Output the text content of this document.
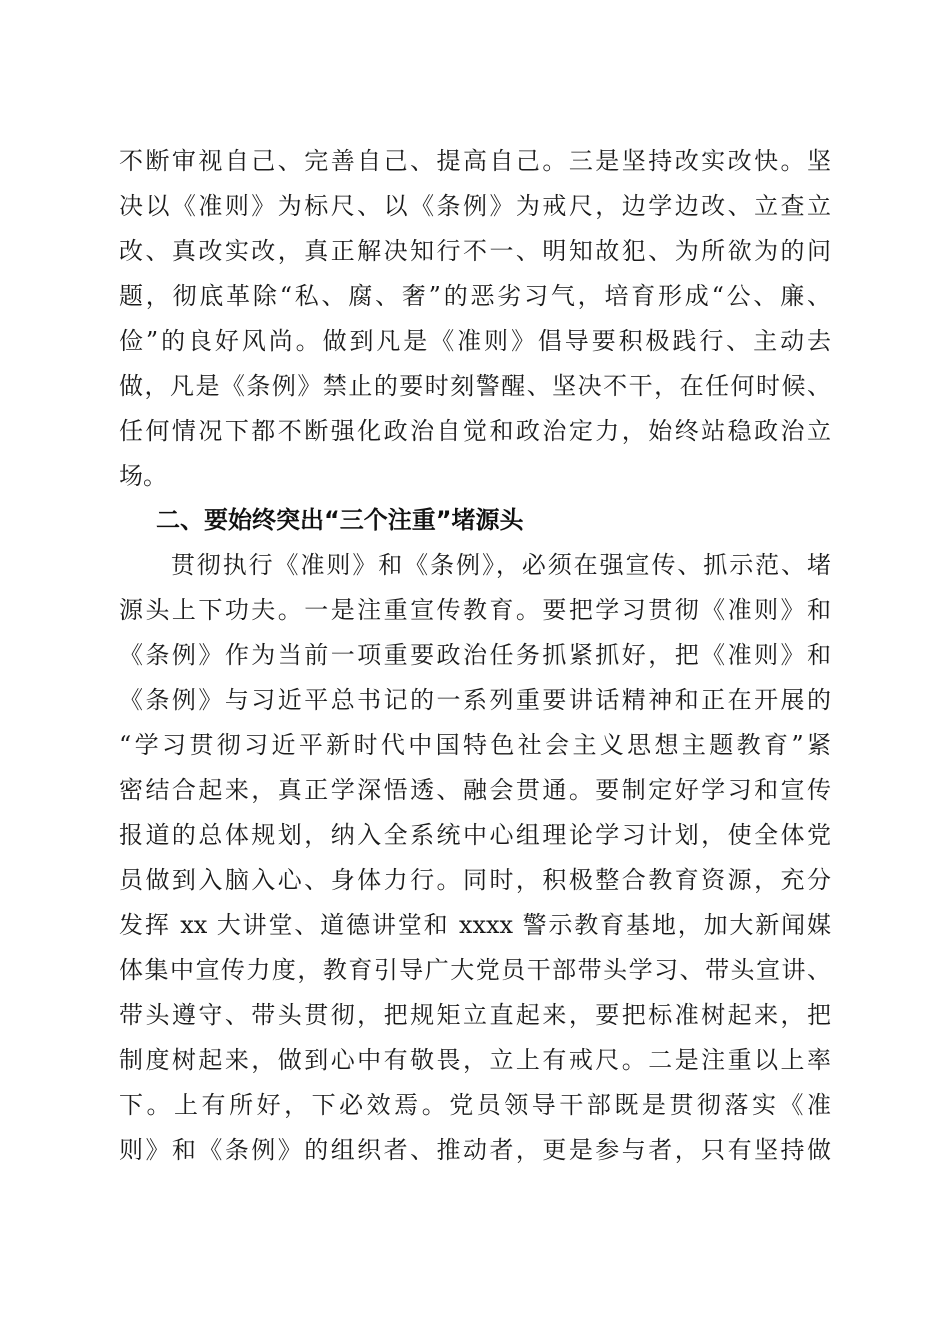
不断审视自己、完善自己、提高自己。三是坚持改实改快。坚
决以《准则》为标尺、以《条例》为戒尺，边学边改、立查立
改、真改实改，真正解决知行不一、明知故犯、为所欲为的问
题，彻底革除“私、腐、奢”的恶劣习气，培育形成“公、廉、
俭”的良好风尚。做到凡是《准则》倡导要积极践行、主动去
做，凡是《条例》禁止的要时刻警醒、坚决不干，在任何时候、
任何情况下都不断强化政治自觉和政治定力，始终站稳政治立
场。
二、要始终突出“三个注重”堵源头
　　贯彻执行《准则》和《条例》，必须在强宣传、抓示范、堵
源头上下功夫。一是注重宣传教育。要把学习贯彻《准则》和
《条例》作为当前一项重要政治任务抓紧抓好，把《准则》和
《条例》与习近平总书记的一系列重要讲话精神和正在开展的
“学习贯彻习近平新时代中国特色社会主义思想主题教育”紧
密结合起来，真正学深悟透、融会贯通。要制定好学习和宣传
报道的总体规划，纳入全系统中心组理论学习计划，使全体党
员做到入脑入心、身体力行。同时，积极整合教育资源，充分
发挥 xx 大讲堂、道德讲堂和 xxxx 警示教育基地，加大新闻媒
体集中宣传力度，教育引导广大党员干部带头学习、带头宣讲、
带头遵守、带头贯彻，把规矩立直起来，要把标准树起来，把
制度树起来，做到心中有敬畏，立上有戒尺。二是注重以上率
下。上有所好，下必效焉。党员领导干部既是贯彻落实《准
则》和《条例》的组织者、推动者，更是参与者，只有坚持做
